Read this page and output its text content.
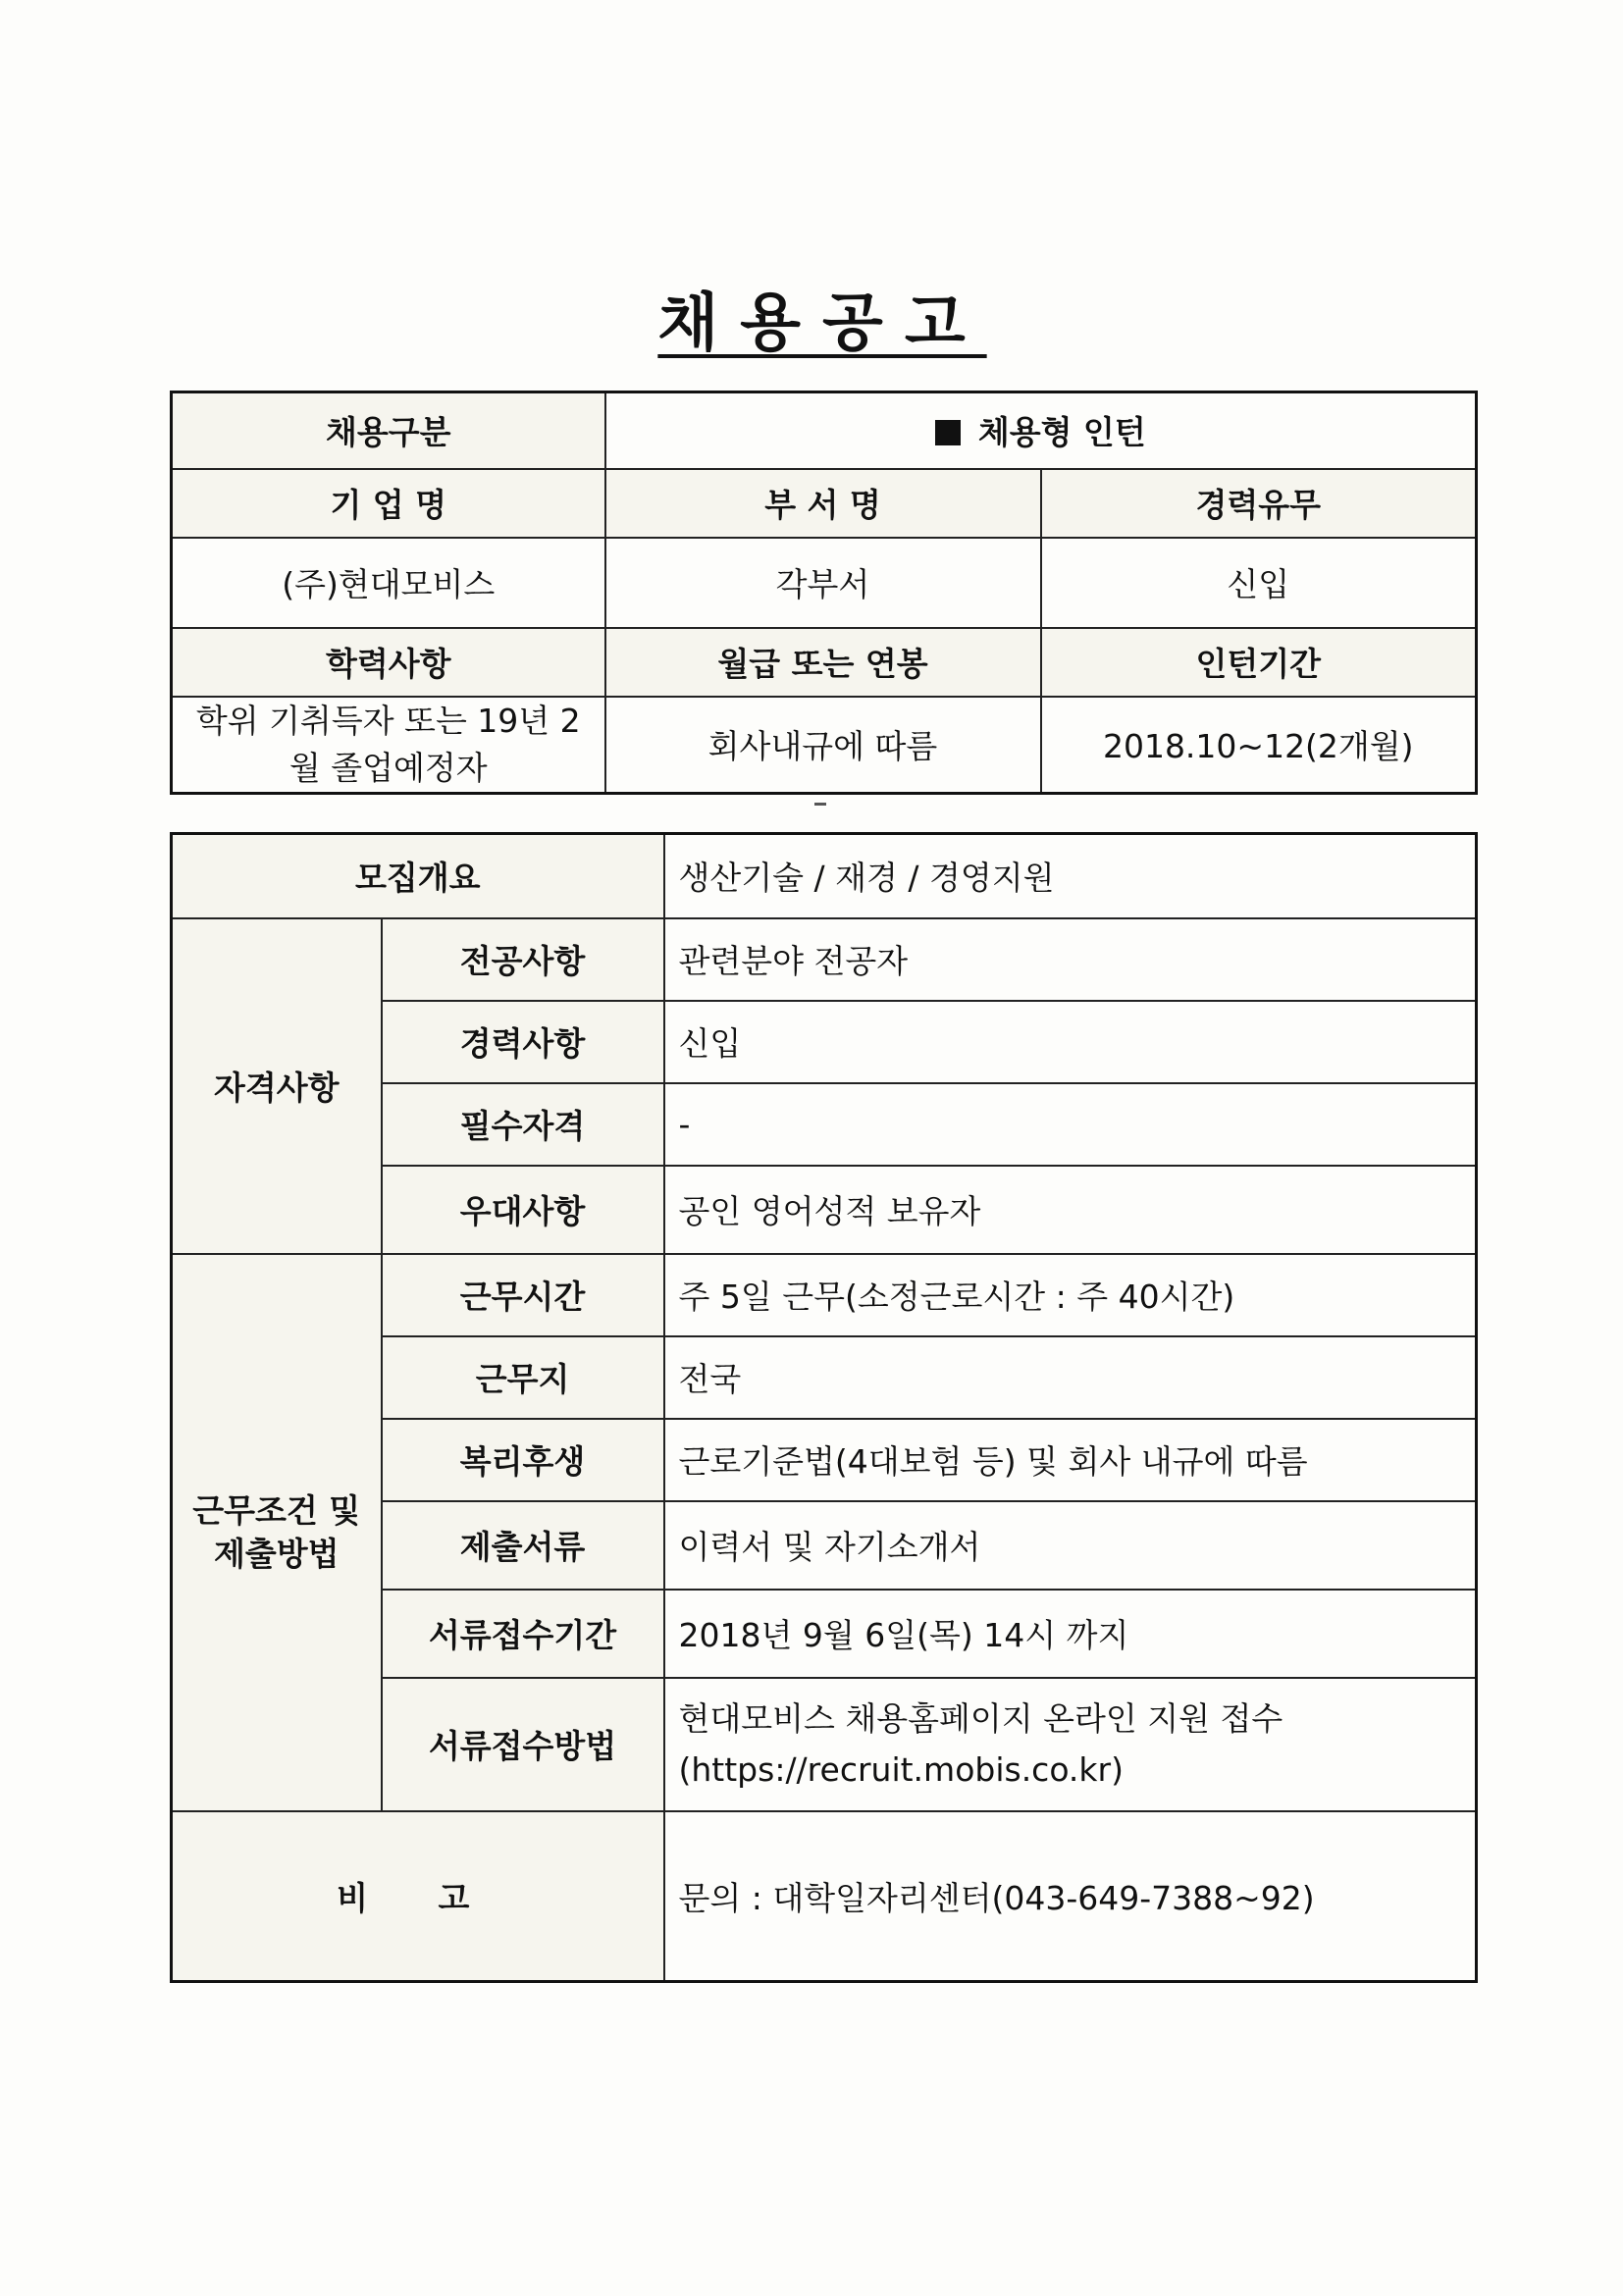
채용공고
채용구분	체용형 인턴	
기 업 명	부 서 명	경력유무
(주)현대모비스	각부서	신입
학력사항	월급 또는 연봉	인턴기간
학위 기취득자 또는 19년 2월 졸업예정자	회사내규에 따름	2018.10~12(2개월)
모집개요		생산기술 / 재경 / 경영지원
자격사항	전공사항	관련분야 전공자
	경력사항	신입
	필수자격	-
	우대사항	공인 영어성적 보유자
근무조건 및 제출방법	근무시간	주 5일 근무(소정근로시간 : 주 40시간)
	근무지	전국
	복리후생	근로기준법(4대보험 등) 및 회사 내규에 따름
	제출서류	이력서 및 자기소개서
	서류접수기간	2018년 9월 6일(목) 14시 까지
	서류접수방법	현대모비스 채용홈페이지 온라인 지원 접수
(https://recruit.mobis.co.kr)

비 고		문의 : 대학일자리센터(043-649-7388~92)
